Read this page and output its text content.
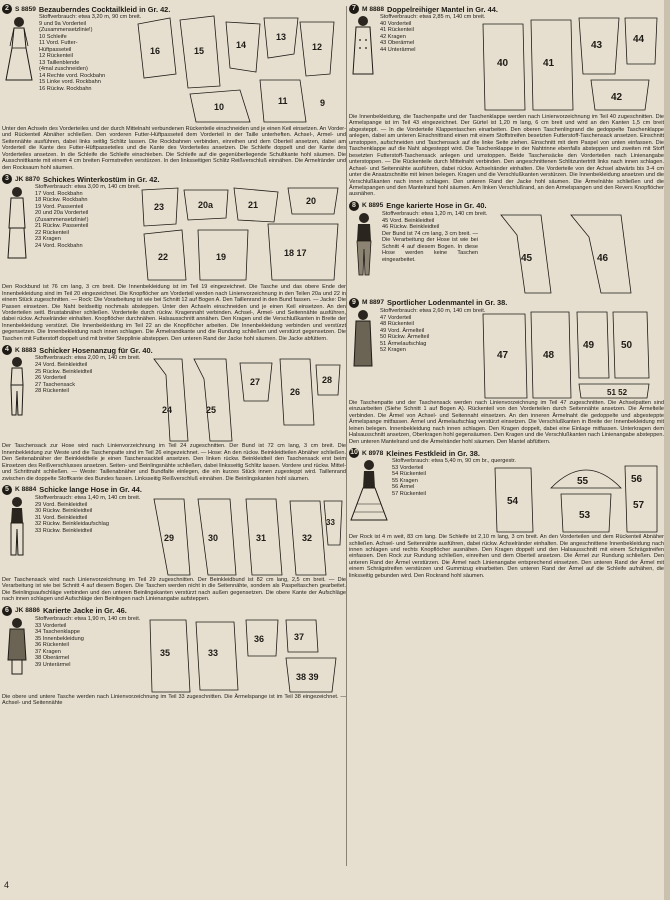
2 S 8859 Bezauberndes Cocktailkleid in Gr. 42.
Stoffverbrauch: etwa 3,20 m, 90 cm breit.
9 und 9a Vorderteil
(Zusammensetzlinie!)
10 Schleife
11 Vord. Futter-
Hüftpasseteil
12 Rückenteil
13 Taillenblende
(4mal zuschneiden)
14 Rechte vord. Rockbahn
15 Linke vord. Rockbahn
16 Rückw. Rockbahn
16	15
14
13
12
10
11	9

Unter den Achseln des Vorderteiles und der durch Mittelnaht verbundenen Rückenteile einschneiden und je einen Keil einsetzen. An Vorder- und Rückenteil Abnäher schließen. Den vorderen Futter-Hüftpasseteil dem Vorderteil in der Taille unterheften. Achsel-, Armel- und Seitennähte ausführen, dabei links seitlig Schlitz lassen. Die Rockbahnen verbinden, einreihen und dem Oberteil ansetzen, dabei am Vorderteil die Kante des Futter-Hüftpasseteiles und die Kante des Vorderteiles ansetzen. Die Schleife doppelt und der Kante des Vorderteiles ansetzen. In die Schleife die Schleife einschieben. Die Schleife auf die gegenüberliegende Schultkante hohl säumen. Die Ausschnittkante mit einem 4 cm breiten Formstreifen verstürzen. In den linksseitigen Schlitz Reißverschluß einnähen. Die Armelränder und den Rocksaum hohl säumen.

3 JK 8870 Schickes Winterkostüm in Gr. 42.
Stoffverbrauch: etwa 3,00 m, 140 cm breit.
17 Vord. Rockbahn
18 Rückw. Rockbahn
19 Vord. Passenteil
20 und 20a Vorderteil
(Zusammensetzlinie!)
21 Rückw. Passenteil
22 Rückenteil
23 Kragen
24 Vord. Rockbahn
23	20a	21	20
22	19	18 17

Den Rockbund ist 76 cm lang, 3 cm breit. Die Innenbekleidung ist im Teil 19 eingezeichnet. Die Tasche und das obere Ende der Innenbekleidung sind im Teil 20 eingezeichnet. Die Knopflöcher am Vorderteil werden nach Linienvorzeichnung in den Teilen 20a und 22 in einem Stück zugeschnitten. — Rock: Die Vorarbeitung ist wie bei Schnitt 12 auf Bogen A. Den Taillenrand in den Bund fassen. — Jacke: Die Passen einsetzen. Die Naht beidseitig nochmals absteppen. Unter den Achseln einschneiden und je einen Keil einsetzen. An den Vorderteilen seitl. Brustabnäher schließen. Vorderteile durch rückw. Kragennaht verbinden. Achsel-, Ärmel- und Seitennähte ausführen, dabei rückw. Achselränder einhalten. Knopflöcher durchnähen. Halsausschnitt annähen. Den Kragen und die Verschlußkanten in Breite der Innenbekleidung verstürzt. Die Innenbekleidung im Teil 22 an die Knopflöcher arbeiten. Die Innenbekleidung verbinden und verstürzt gegensetzen. Die Innenbekleidung nach innen schlagen. Die Ärmelrandkante und die Rundung schließen und verstürzt gegensetzen. Die Taschen mit Futterstoff doppelt und mit breiter Stepplinie absteppen. Den unteren Rand der Jacke hohl säumen. Die Jacke abfüttern.

4 K 8883 Schicker Hosenanzug für Gr. 40.
Stoffverbrauch: etwa 2,00 m, 140 cm breit.
24 Vord. Beinkleidteil
25 Rückw. Beinkleidteil
26 Vorderteil
27 Taschensack
28 Rückenteil
24	25
27
26
28

Der Taschensack zur Hose wird nach Linienvorzeichnung im Teil 24 zugeschnitten. Der Bund ist 72 cm lang, 3 cm breit. Die Innenbekleidung zur Weste und die Taschenpatte sind im Teil 26 eingezeichnet. — Hose: An den rückw. Beinkleidteilen Abnäher schließen. Den Seitenabnäher der Beinkleidteile je einen Taschensackteil ansetzen. Den linken rückw. Beinkleidteil den Taschensack erst beim Einsetzen des Reißverschlusses ansetzen. Seiten- und Beinlingsnähte schließen, dabei linksseitig Schlitz lassen. Vordere und rückw. Mittel- und Schrittnaht schließen. — Weste: Taillenabnäher und Bundfalte einlegen, die ein kurzes Stück innen zugesteppt wird. Taillenrand zwischen die doppelte Stoffkante des Bundes fassen. Linksseitig Reißverschluß einnähen. Die Beinlingskanten hohl säumen.

5 K 8884 Schicke lange Hose in Gr. 44.
Stoffverbrauch: etwa 1,40 m, 140 cm breit.
29 Vord. Beinkleidteil
30 Rückw. Beinkleidteil
31 Vord. Beinkleidteil
32 Rückw. Beinkleidaufschlag
33 Rückw. Beinkleidteil
29	30	31	32
33

Der Taschensack wird nach Linienvorzeichnung im Teil 29 zugeschnitten. Der Beinkleidbund ist 82 cm lang, 2,5 cm breit. — Die Verarbeitung ist wie bei Schnitt 4 auf diesem Bogen. Die Taschen werden nicht in die Seitennähte, sondern als Paspeltaschen gearbeitet. Die Beinlingsaufschläge verbinden und den unteren Beinlingskanten verstürzt nach außen gegensetzen. Die obere Kante der Aufschläge nach innen schlagen und Aufschläge den Beinlingen nach Linienangabe aufsteppen.

6 JK 8886 Karierte Jacke in Gr. 46.
Stoffverbrauch: etwa 1,90 m, 140 cm breit.
33 Vorderteil
34 Taschenklappe
35 Innenbekleidung
36 Rückenteil
37 Kragen
38 Oberärmel
39 Unterärmel
35	33
36	37
38 39

Die obere und untere Tasche werden nach Linienvorzeichnung im Teil 33 zugeschnitten. Die Ärmelspange ist im Teil 38 eingezeichnet. — Achsel- und Seitennähte

7 M 8888 Doppelreihiger Mantel in Gr. 44.
Stoffverbrauch: etwa 2,85 m, 140 cm breit.
40 Vorderteil
41 Rückenteil
42 Kragen
43 Oberärmel
44 Unterärmel
40	41
43
44
42

Die Innenbekleidung, die Taschenpatte und der Taschenklappe werden nach Linienvorzeichnung im Teil 40 zugeschnitten. Die Armelspange ist im Teil 43 eingezeichnet. Der Gürtel ist 1,20 m lang, 6 cm breit und wird an den Kanten 1,5 cm breit abgesteppt. — In die Vorderteile Klappentaschen einarbeiten. Den oberen Taschenlingrand die gedoppelte Taschenklappe anlegen, dabei am unteren Einschnittrand einen mit einem Stoffstreifen besetzten Futterstoff-Taschensack ansetzen. Einschnitt umstoppen, aufschneiden und Taschensack auf die linke Seite ziehen. Einschnitt mit dem Paspel von unten einfassen. Die Taschenklappe auf die Naht abgesteppt wird. Die Taschenklappe in der Nahtrinne ebenfalls absteppen und zweiten mit Stoff besetzten Futterstoff-Taschensack anlegen und umstoppen. Beide Taschensäcke den Vorderteilen nach Linienangabe unterstoppen. — Die Rückenteile durch Mittelnaht verbinden. Den angeschnittenen Schlitzuntertritt links nach innen schlagen. Achsel- und Seitennähte ausführen, dabei rückw. Achselränder einhalten. Die Vorderteile von der Achsel abwärts bis 3-4 cm unter die Ansatzschnitte mit leinen belegen. Kragen und die Verschlußkanten verstürzen. Die Innenbekleidung ansetzen und die Verschlußkanten nach innen schlagen. Den unteren Rand der Jacke hohl säumen. Die Ärmelnähte schließen und die Ärmelspangen und den Mantelrand hohl säumen. Am linken Verschlußrand, an den Armelspangen und den Revers Knopflöcher ausnähen.

8 K 8895 Enge karierte Hose in Gr. 40.
Stoffverbrauch: etwa 1,20 m, 140 cm breit.
45 Vord. Beinkleidteil
46 Rückw. Beinkleidteil

Der Bund ist 74 cm lang, 3 cm breit. — Die Verarbeitung der Hose ist wie bei Schnitt 4 auf diesem Bogen. In diese Hose werden keine Taschen eingearbeitet.	45	46
9 M 8897 Sportlicher Lodenmantel in Gr. 38.
Stoffverbrauch: etwa 2,60 m, 140 cm breit.
47 Vorderteil
48 Rückenteil
49 Vord. Ärmelteil
50 Rückw. Ärmelteil
51 Ärmelaufschlag
52 Kragen	47	48
49	50
51 52

Die Taschenpatte und der Taschensack werden nach Linienvorzeichnung im Teil 47 zugeschnitten. Die Achselpatten sind einzuarbeiten (Siehe Schnitt 1 auf Bogen A). Rückenteil von den Vorderteilen durch Seitennähte ansetzen. Die Ärmelteile verbinden. Die Ärmel von Achsel- und Seitennaht einsetzen. An den inneren Ärmelnaht die gedoppelte und abgesteppte Ärmelspange mitfassen. Ärmel und Ärmelaufschlag verstürzt einsetzen. Die Verschlußkanten in Breite der Innenbekleidung mit leinen belegen. Innenbekleidung nach innen schlagen. Den Kragen doppelt, dabei eine Einlage mitfassen. Unterkragen dem Halsausschnitt ansetzen, Oberkragen hohl gegensäumen. Den Kragen und die Verschlußkanten nach Linienangabe absteppen. Den unteren Mantelrand und die Ärmelränder hohl säumen. Den Mantel abfüttern.

10 K 8978 Kleines Festkleid in Gr. 38.
Stoffverbrauch: etwa 5,40 m, 90 cm br., quergestr.
53 Vorderteil
54 Rückenteil
55 Kragen
56 Ärmel
57 Rückenteil
54
55
53
56
57

Der Rock ist 4 m weit, 83 cm lang. Die Schleife ist 2,10 m lang, 3 cm breit. An den Vorderteilen und dem Rückenteil Abnäher schließen. Achsel- und Seitennähte ausführen, dabei rückw. Achselränder einhalten. Die angeschnittene Innenbekleidung nach innen schlagen und rechts Knopflöcher ausnähen. Den Kragen doppelt und den Halsausschnitt mit einem Schrägstreifen einfassen. Den Rock zur Rundung schließen, einreihen und dem Oberteil ansetzen. Die Ärmel zur Rundung schließen. Den unteren Rand der Ärmel verstürzen. Die Ärmel nach Linienangabe entsprechend einsetzen. Den unteren Rand der Ärmel mit einem Schrägstreifen verstürzen und Gummizug einarbeiten. Den unteren Rand der Ärmel auf die Schleife aufnähen, die linksseitig gebunden wird. Den Rockrand hohl säumen.

4
